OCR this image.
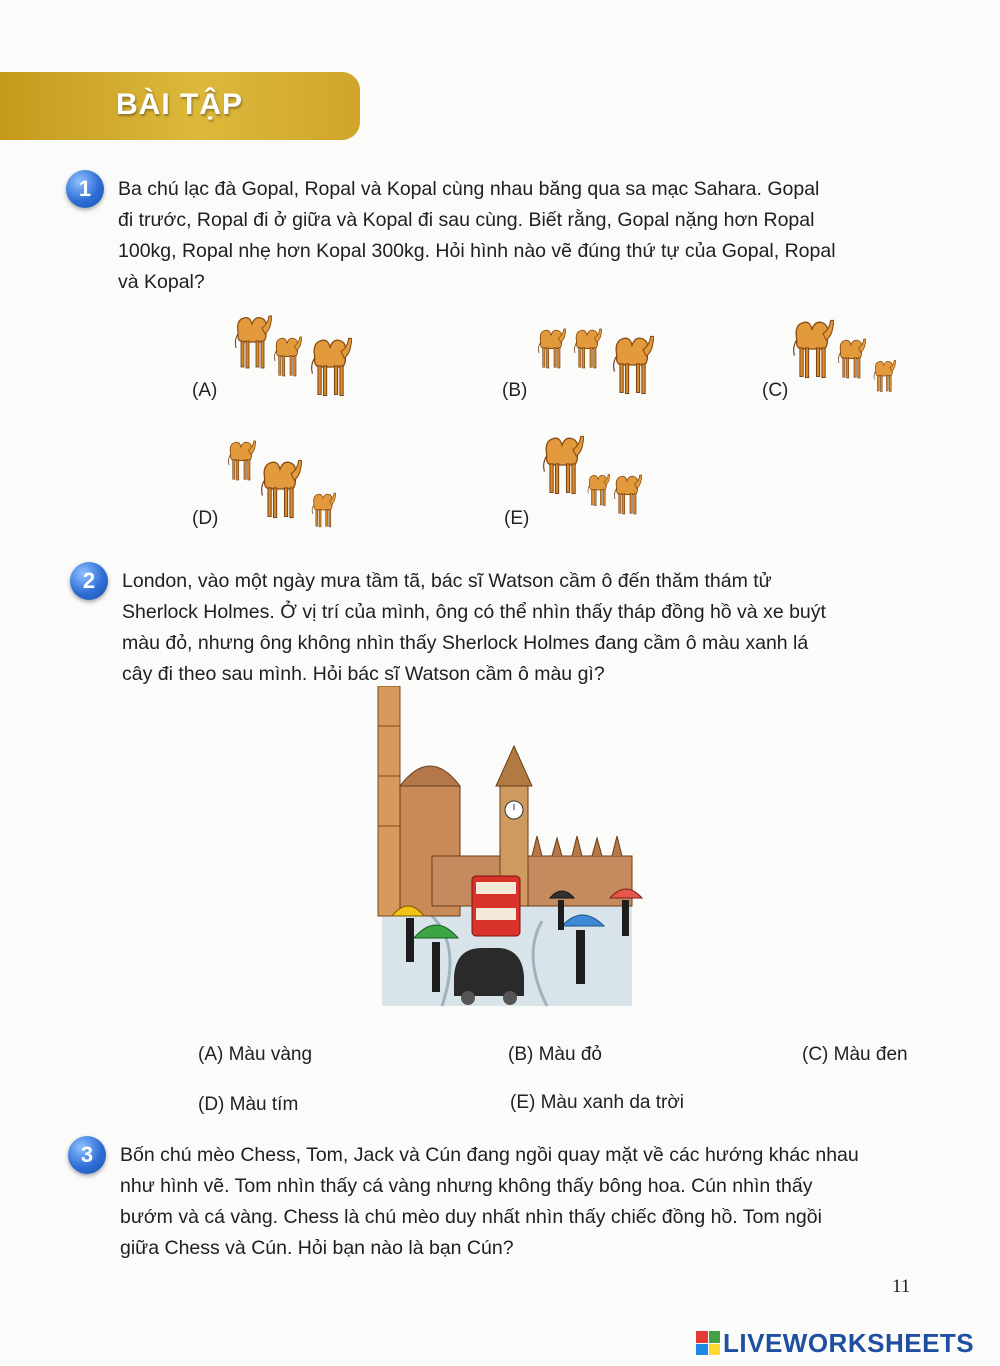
BÀI TẬP
1	Ba chú lạc đà Gopal, Ropal và Kopal cùng nhau băng qua sa mạc Sahara. Gopal
đi trước, Ropal đi ở giữa và Kopal đi sau cùng. Biết rằng, Gopal nặng hơn Ropal
100kg, Ropal nhẹ hơn Kopal 300kg. Hỏi hình nào vẽ đúng thứ tự của Gopal, Ropal
và Kopal?
(A)	(B)	(C)
(D)	(E)
2	London, vào một ngày mưa tầm tã, bác sĩ Watson cầm ô đến thăm thám tử
Sherlock Holmes. Ở vị trí của mình, ông có thể nhìn thấy tháp đồng hồ và xe buýt
màu đỏ, nhưng ông không nhìn thấy Sherlock Holmes đang cầm ô màu xanh lá
cây đi theo sau mình. Hỏi bác sĩ Watson cầm ô màu gì?
(A) Màu vàng	(B) Màu đỏ	(C) Màu đen
(D) Màu tím	(E) Màu xanh da trời
3	Bốn chú mèo Chess, Tom, Jack và Cún đang ngồi quay mặt về các hướng khác nhau
như hình vẽ. Tom nhìn thấy cá vàng nhưng không thấy bông hoa. Cún nhìn thấy
bướm và cá vàng. Chess là chú mèo duy nhất nhìn thấy chiếc đồng hồ. Tom ngồi
giữa Chess và Cún. Hỏi bạn nào là bạn Cún?
11
LIVEWORKSHEETS
